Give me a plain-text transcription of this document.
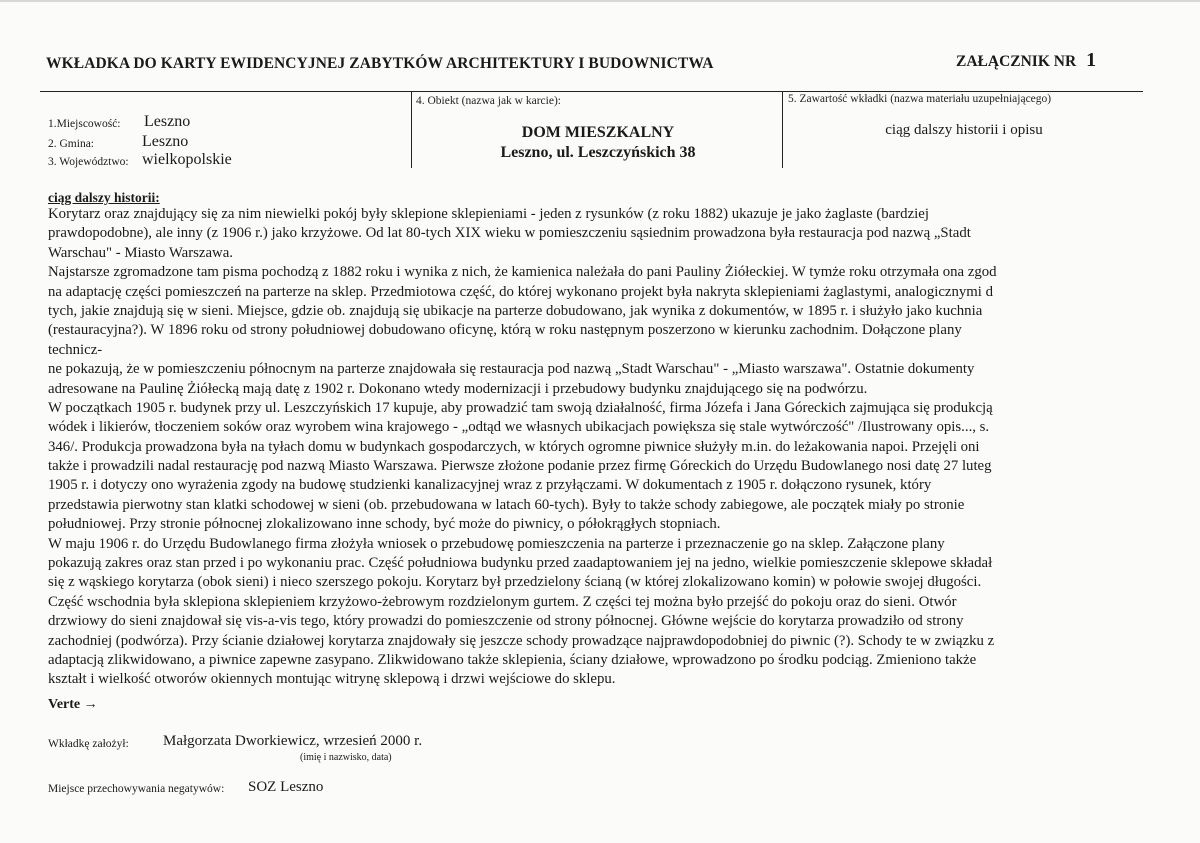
WKŁADKA DO KARTY EWIDENCYJNEJ ZABYTKÓW ARCHITEKTURY I BUDOWNICTWA	ZAŁĄCZNIK NR 1
1.Miejscowość: Leszno
2. Gmina:	Leszno
3. Województwo: wielkopolskie
4. Obiekt (nazwa jak w karcie):
DOM MIESZKALNY
Leszno, ul. Leszczyńskich 38
5. Zawartość wkładki (nazwa materiału uzupełniającego)
ciąg dalszy historii i opisu
ciąg dalszy historii:
Korytarz oraz znajdujący się za nim niewielki pokój były sklepione sklepieniami - jeden z rysunków (z roku 1882) ukazuje je jako żaglaste (bardziej
prawdopodobne), ale inny (z 1906 r.) jako krzyżowe. Od lat 80-tych XIX wieku w pomieszczeniu sąsiednim prowadzona była restauracja pod nazwą „Stadt
Warschau" - Miasto Warszawa.
Najstarsze zgromadzone tam pisma pochodzą z 1882 roku i wynika z nich, że kamienica należała do pani Pauliny Żiółeckiej. W tymże roku otrzymała ona zgod
na adaptację części pomieszczeń na parterze na sklep. Przedmiotowa część, do której wykonano projekt była nakryta sklepieniami żaglastymi, analogicznymi d
tych, jakie znajdują się w sieni. Miejsce, gdzie ob. znajdują się ubikacje na parterze dobudowano, jak wynika z dokumentów, w 1895 r. i służyło jako kuchnia
(restauracyjna?). W 1896 roku od strony południowej dobudowano oficynę, którą w roku następnym poszerzono w kierunku zachodnim. Dołączone plany
technicz-
ne pokazują, że w pomieszczeniu północnym na parterze znajdowała się restauracja pod nazwą „Stadt Warschau" - „Miasto warszawa". Ostatnie dokumenty
adresowane na Paulinę Żiółecką mają datę z 1902 r. Dokonano wtedy modernizacji i przebudowy budynku znajdującego się na podwórzu.
W początkach 1905 r. budynek przy ul. Leszczyńskich 17 kupuje, aby prowadzić tam swoją działalność, firma Józefa i Jana Góreckich zajmująca się produkcją
wódek i likierów, tłoczeniem soków oraz wyrobem wina krajowego - „odtąd we własnych ubikacjach powiększa się stale wytwórczość" /Ilustrowany opis..., s.
346/. Produkcja prowadzona była na tyłach domu w budynkach gospodarczych, w których ogromne piwnice służyły m.in. do leżakowania napoi. Przejęli oni
także i prowadzili nadal restaurację pod nazwą Miasto Warszawa. Pierwsze złożone podanie przez firmę Góreckich do Urzędu Budowlanego nosi datę 27 luteg
1905 r. i dotyczy ono wyrażenia zgody na budowę studzienki kanalizacyjnej wraz z przyłączami. W dokumentach z 1905 r. dołączono rysunek, który
przedstawia pierwotny stan klatki schodowej w sieni (ob. przebudowana w latach 60-tych). Były to także schody zabiegowe, ale początek miały po stronie
południowej. Przy stronie północnej zlokalizowano inne schody, być może do piwnicy, o półokrągłych stopniach.
W maju 1906 r. do Urzędu Budowlanego firma złożyła wniosek o przebudowę pomieszczenia na parterze i przeznaczenie go na sklep. Załączone plany
pokazują zakres oraz stan przed i po wykonaniu prac. Część południowa budynku przed zaadaptowaniem jej na jedno, wielkie pomieszczenie sklepowe składał
się z wąskiego korytarza (obok sieni) i nieco szerszego pokoju. Korytarz był przedzielony ścianą (w której zlokalizowano komin) w połowie swojej długości.
Część wschodnia była sklepiona sklepieniem krzyżowo-żebrowym rozdzielonym gurtem. Z części tej można było przejść do pokoju oraz do sieni. Otwór
drzwiowy do sieni znajdował się vis-a-vis tego, który prowadzi do pomieszczenie od strony północnej. Główne wejście do korytarza prowadziło od strony
zachodniej (podwórza). Przy ścianie działowej korytarza znajdowały się jeszcze schody prowadzące najprawdopodobniej do piwnic (?). Schody te w związku z
adaptacją zlikwidowano, a piwnice zapewne zasypano. Zlikwidowano także sklepienia, ściany działowe, wprowadzono po środku podciąg. Zmieniono także
kształt i wielkość otworów okiennych montując witrynę sklepową i drzwi wejściowe do sklepu.
Verte →
Wkładkę założył: Małgorzata Dworkiewicz, wrzesień 2000 r.
(imię i nazwisko, data)
Miejsce przechowywania negatywów: SOZ Leszno
